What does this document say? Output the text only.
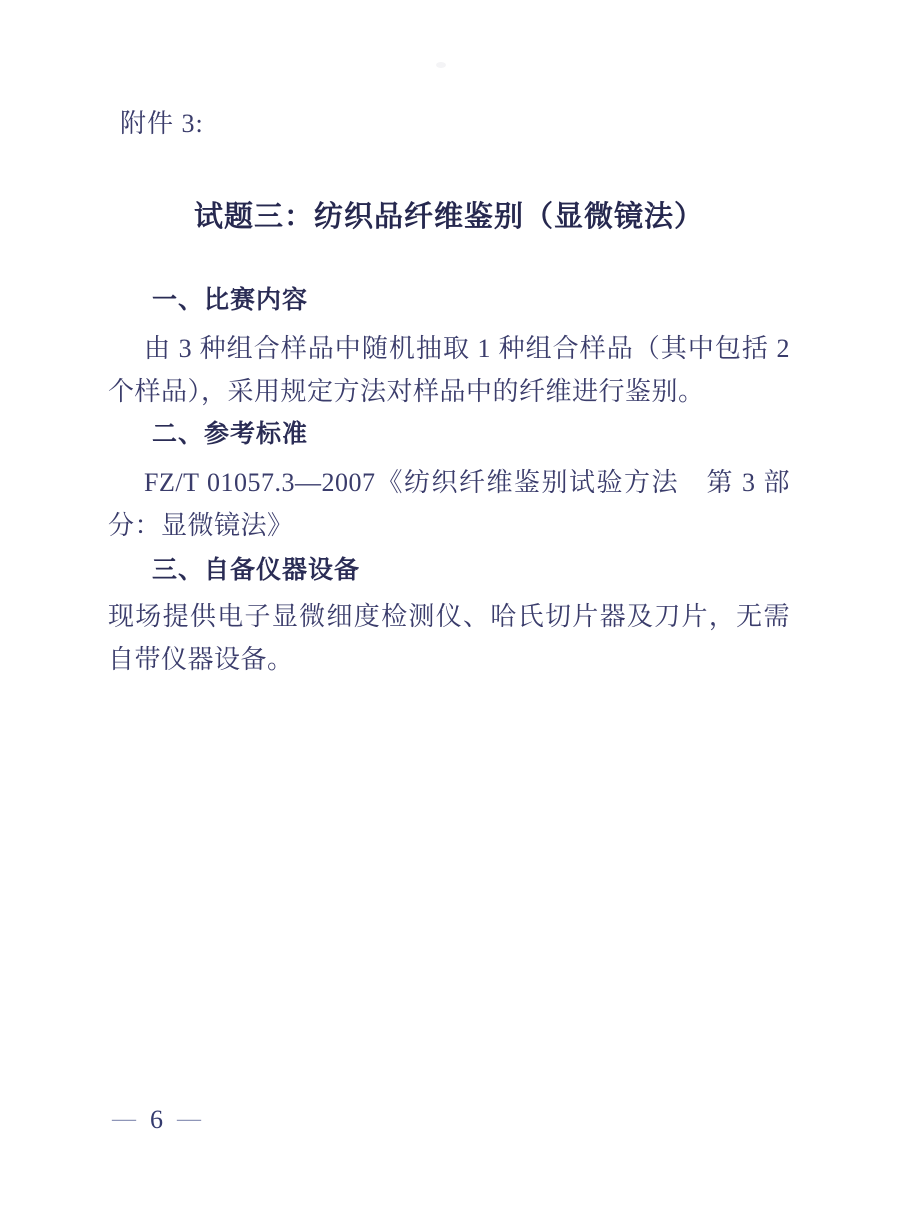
附件 3:
试题三：纺织品纤维鉴别（显微镜法）
一、比赛内容

由 3 种组合样品中随机抽取 1 种组合样品（其中包括 2 个样品），采用规定方法对样品中的纤维进行鉴别。

二、参考标准

FZ/T 01057.3—2007《纺织纤维鉴别试验方法　第 3 部分：显微镜法》

三、自备仪器设备

现场提供电子显微细度检测仪、哈氏切片器及刀片，无需自带仪器设备。

— 6 —
